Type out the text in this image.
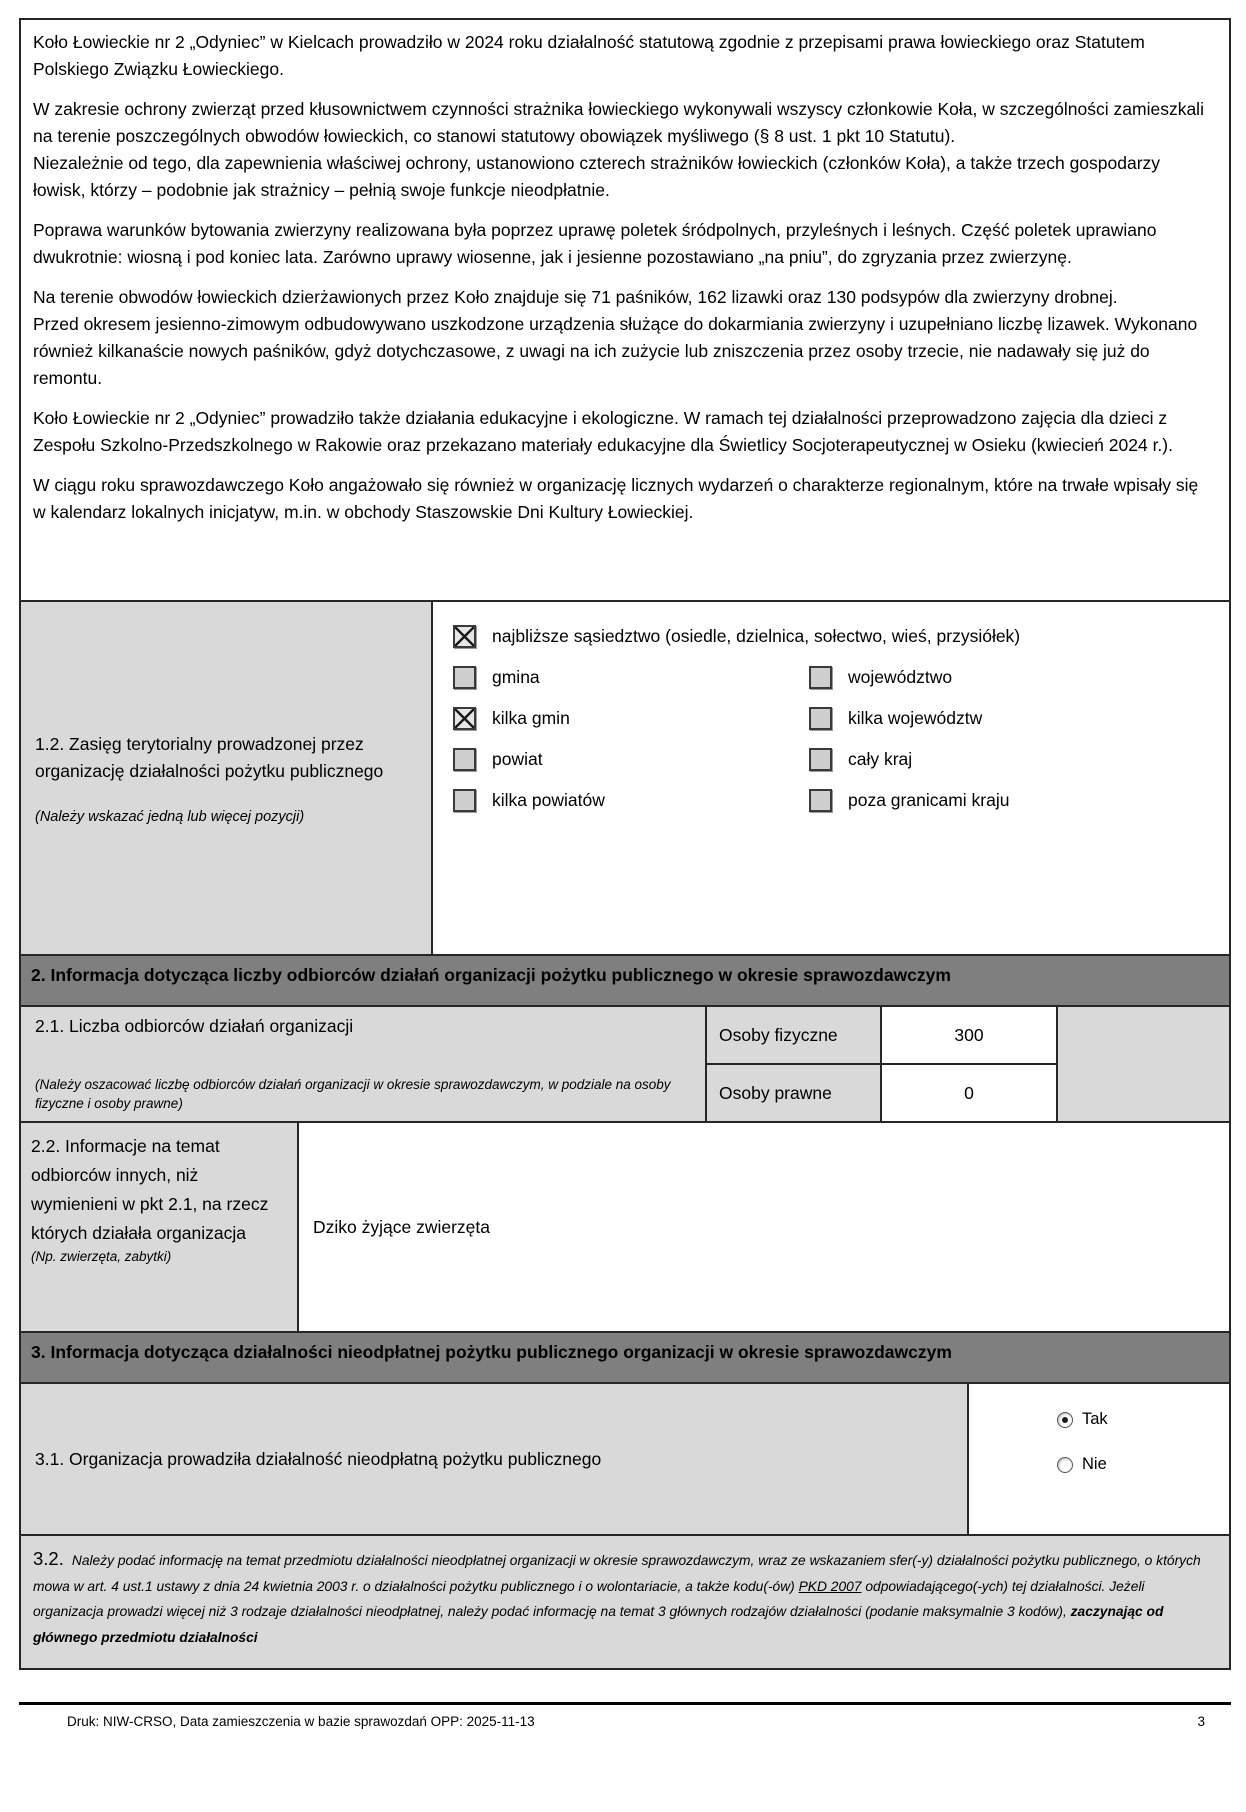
Koło Łowieckie nr 2 „Odyniec” w Kielcach prowadziło w 2024 roku działalność statutową zgodnie z przepisami prawa łowieckiego oraz Statutem Polskiego Związku Łowieckiego.

W zakresie ochrony zwierząt przed kłusownictwem czynności strażnika łowieckiego wykonywali wszyscy członkowie Koła, w szczególności zamieszkali na terenie poszczególnych obwodów łowieckich, co stanowi statutowy obowiązek myśliwego (§ 8 ust. 1 pkt 10 Statutu).

Niezależnie od tego, dla zapewnienia właściwej ochrony, ustanowiono czterech strażników łowieckich (członków Koła), a także trzech gospodarzy łowisk, którzy – podobnie jak strażnicy – pełnią swoje funkcje nieodpłatnie.

Poprawa warunków bytowania zwierzyny realizowana była poprzez uprawę poletek śródpolnych, przyleśnych i leśnych. Część poletek uprawiano dwukrotnie: wiosną i pod koniec lata. Zarówno uprawy wiosenne, jak i jesienne pozostawiano „na pniu”, do zgryzania przez zwierzynę.

Na terenie obwodów łowieckich dzierżawionych przez Koło znajduje się 71 paśników, 162 lizawki oraz 130 podsypów dla zwierzyny drobnej.

Przed okresem jesienno-zimowym odbudowywano uszkodzone urządzenia służące do dokarmiania zwierzyny i uzupełniano liczbę lizawek. Wykonano również kilkanaście nowych paśników, gdyż dotychczasowe, z uwagi na ich zużycie lub zniszczenia przez osoby trzecie, nie nadawały się już do remontu.

Koło Łowieckie nr 2 „Odyniec” prowadziło także działania edukacyjne i ekologiczne. W ramach tej działalności przeprowadzono zajęcia dla dzieci z Zespołu Szkolno-Przedszkolnego w Rakowie oraz przekazano materiały edukacyjne dla Świetlicy Socjoterapeutycznej w Osieku (kwiecień 2024 r.).

W ciągu roku sprawozdawczego Koło angażowało się również w organizację licznych wydarzeń o charakterze regionalnym, które na trwałe wpisały się w kalendarz lokalnych inicjatyw, m.in. w obchody Staszowskie Dni Kultury Łowieckiej.

1.2. Zasięg terytorialny prowadzonej przez organizację działalności pożytku publicznego
(Należy wskazać jedną lub więcej pozycji)
najbliższe sąsiedztwo (osiedle, dzielnica, sołectwo, wieś, przysiółek)
gmina	województwo
kilka gmin	kilka województw
powiat	cały kraj
kilka powiatów	poza granicami kraju
2. Informacja dotycząca liczby odbiorców działań organizacji pożytku publicznego w okresie sprawozdawczym
2.1. Liczba odbiorców działań organizacji
(Należy oszacować liczbę odbiorców działań organizacji w okresie sprawozdawczym, w podziale na osoby fizyczne i osoby prawne)
Osoby fizyczne	300
Osoby prawne	0
2.2. Informacje na temat odbiorców innych, niż wymienieni w pkt 2.1, na rzecz których działała organizacja
(Np. zwierzęta, zabytki)
Dziko żyjące zwierzęta
3. Informacja dotycząca działalności nieodpłatnej pożytku publicznego organizacji w okresie sprawozdawczym
3.1. Organizacja prowadziła działalność nieodpłatną pożytku publicznego
Tak
Nie
3.2. Należy podać informację na temat przedmiotu działalności nieodpłatnej organizacji w okresie sprawozdawczym, wraz ze wskazaniem sfer(-y) działalności pożytku publicznego, o których mowa w art. 4 ust.1 ustawy z dnia 24 kwietnia 2003 r. o działalności pożytku publicznego i o wolontariacie, a także kodu(-ów) PKD 2007 odpowiadającego(-ych) tej działalności. Jeżeli organizacja prowadzi więcej niż 3 rodzaje działalności nieodpłatnej, należy podać informację na temat 3 głównych rodzajów działalności (podanie maksymalnie 3 kodów), zaczynając od głównego przedmiotu działalności
Druk: NIW-CRSO, Data zamieszczenia w bazie sprawozdań OPP: 2025-11-13	3
